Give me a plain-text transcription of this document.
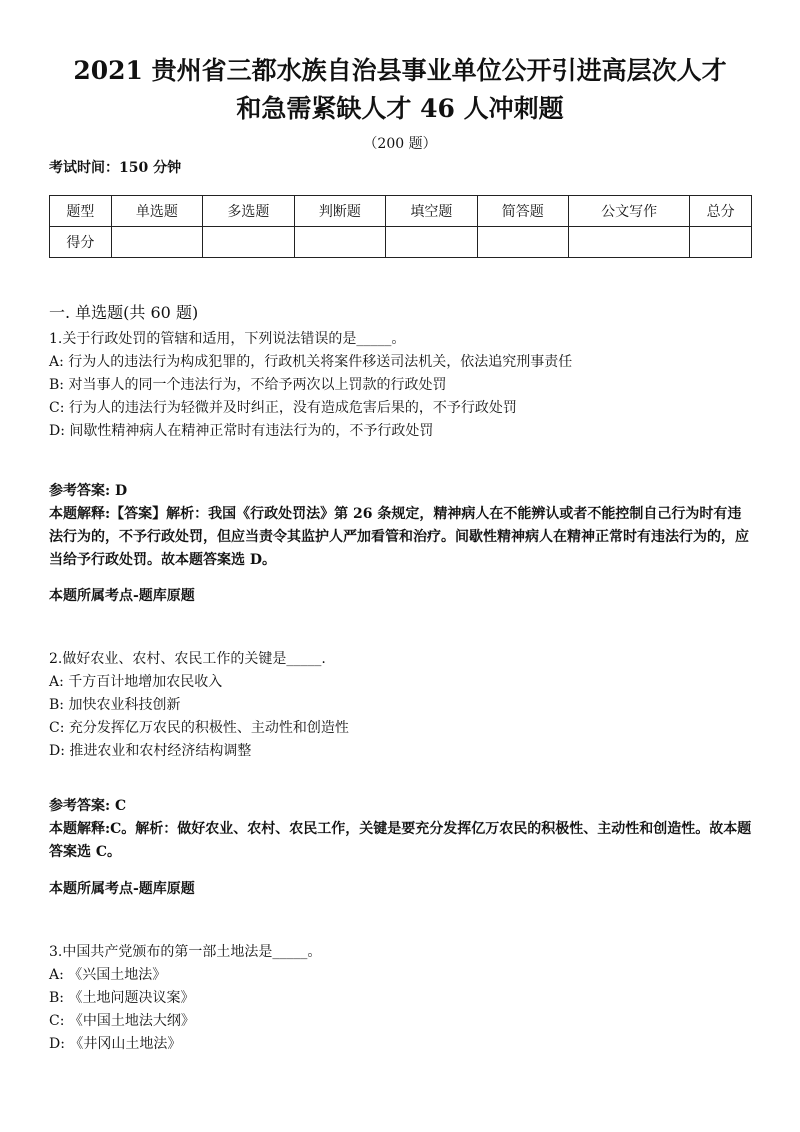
2021 贵州省三都水族自治县事业单位公开引进高层次人才
和急需紧缺人才 46 人冲刺题
（200 题）
考试时间：150 分钟
题型	单选题	多选题	判断题	填空题	简答题	公文写作	总分
得分							
一. 单选题(共 60 题)
1.关于行政处罚的管辖和适用，下列说法错误的是_____。
A: 行为人的违法行为构成犯罪的，行政机关将案件移送司法机关，依法追究刑事责任
B: 对当事人的同一个违法行为，不给予两次以上罚款的行政处罚
C: 行为人的违法行为轻微并及时纠正，没有造成危害后果的，不予行政处罚
D: 间歇性精神病人在精神正常时有违法行为的，不予行政处罚
参考答案: D
本题解释:【答案】解析：我国《行政处罚法》第 26 条规定，精神病人在不能辨认或者不能控制自己行为时有违法行为的，不予行政处罚，但应当责令其监护人严加看管和治疗。间歇性精神病人在精神正常时有违法行为的，应当给予行政处罚。故本题答案选 D。
本题所属考点-题库原题
2.做好农业、农村、农民工作的关键是_____.
A: 千方百计地增加农民收入
B: 加快农业科技创新
C: 充分发挥亿万农民的积极性、主动性和创造性
D: 推进农业和农村经济结构调整
参考答案: C
本题解释:C。解析：做好农业、农村、农民工作，关键是要充分发挥亿万农民的积极性、主动性和创造性。故本题答案选 C。
本题所属考点-题库原题
3.中国共产党颁布的第一部土地法是_____。
A: 《兴国土地法》
B: 《土地问题决议案》
C: 《中国土地法大纲》
D: 《井冈山土地法》
